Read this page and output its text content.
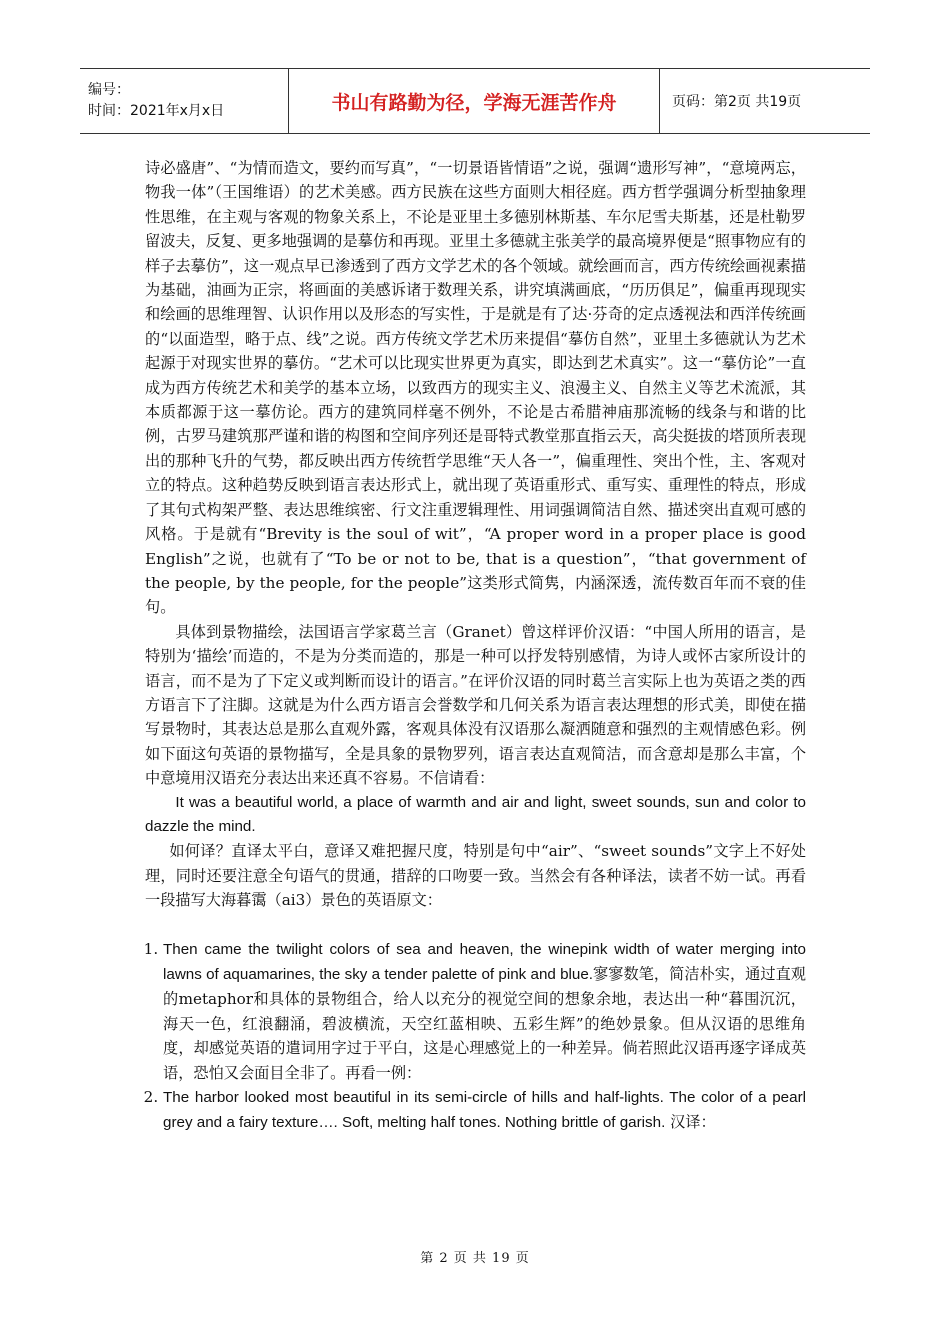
编号：
时间：2021年x月x日	书山有路勤为径，学海无涯苦作舟	页码：第2页 共19页

诗必盛唐”、“为情而造文，要约而写真”，“一切景语皆情语”之说，强调“遗形写神”，“意境两忘，物我一体”（王国维语）的艺术美感。西方民族在这些方面则大相径庭。西方哲学强调分析型抽象理性思维，在主观与客观的物象关系上，不论是亚里土多德别林斯基、车尔尼雪夫斯基，还是杜勒罗留波夫，反复、更多地强调的是摹仿和再现。亚里土多德就主张美学的最高境界便是“照事物应有的样子去摹仿”，这一观点早已渗透到了西方文学艺术的各个领域。就绘画而言，西方传统绘画视素描为基础，油画为正宗，将画面的美感诉诸于数理关系，讲究填满画底，“历历俱足”，偏重再现现实和绘画的思维理智、认识作用以及形态的写实性，于是就是有了达·芬奇的定点透视法和西洋传统画的“以面造型，略于点、线”之说。西方传统文学艺术历来提倡“摹仿自然”，亚里土多德就认为艺术起源于对现实世界的摹仿。“艺术可以比现实世界更为真实，即达到艺术真实”。这一“摹仿论”一直成为西方传统艺术和美学的基本立场，以致西方的现实主义、浪漫主义、自然主义等艺术流派，其本质都源于这一摹仿论。西方的建筑同样毫不例外，不论是古希腊神庙那流畅的线条与和谐的比例，古罗马建筑那严谨和谐的构图和空间序列还是哥特式教堂那直指云天，高尖挺拔的塔顶所表现出的那种飞升的气势，都反映出西方传统哲学思维“天人各一”，偏重理性、突出个性，主、客观对立的特点。这种趋势反映到语言表达形式上，就出现了英语重形式、重写实、重理性的特点，形成了其句式构架严整、表达思维缤密、行文注重逻辑理性、用词强调简洁自然、描述突出直观可感的风格。于是就有“Brevity is the soul of wit”，“A proper word in a proper place is good English”之说，也就有了“To be or not to be, that is a question”，“that government of the people, by the people, for the people”这类形式简隽，内涵深透，流传数百年而不衰的佳句。

具体到景物描绘，法国语言学家葛兰言（Granet）曾这样评价汉语：“中国人所用的语言，是特别为‘描绘’而造的，不是为分类而造的，那是一种可以抒发特别感情，为诗人或怀古家所设计的语言，而不是为了下定义或判断而设计的语言。”在评价汉语的同时葛兰言实际上也为英语之类的西方语言下了注脚。这就是为什么西方语言会誉数学和几何关系为语言表达理想的形式美，即使在描写景物时，其表达总是那么直观外露，客观具体没有汉语那么凝洒随意和强烈的主观情感色彩。例如下面这句英语的景物描写，全是具象的景物罗列，语言表达直观简洁，而含意却是那么丰富，个中意境用汉语充分表达出来还真不容易。不信请看：

It was a beautiful world, a place of warmth and air and light, sweet sounds, sun and color to dazzle the mind.

如何译？直译太平白，意译又难把握尺度，特别是句中“air”、“sweet sounds”文字上不好处理，同时还要注意全句语气的贯通，措辞的口吻要一致。当然会有各种译法，读者不妨一试。再看一段描写大海暮霭（ai3）景色的英语原文：

1. Then came the twilight colors of sea and heaven, the winepink width of water merging into lawns of aquamarines, the sky a tender palette of pink and blue.寥寥数笔，简洁朴实，通过直观的metaphor和具体的景物组合，给人以充分的视觉空间的想象余地，表达出一种“暮围沉沉，海天一色，红浪翻涌，碧波横流，天空红蓝相映、五彩生辉”的绝妙景象。但从汉语的思维角度，却感觉英语的遣词用字过于平白，这是心理感觉上的一种差异。倘若照此汉语再逐字译成英语，恐怕又会面目全非了。再看一例：
2. The harbor looked most beautiful in its semi-circle of hills and half-lights. The color of a pearl grey and a fairy texture…. Soft, melting half tones. Nothing brittle of garish. 汉译：
第 2 页 共 19 页
